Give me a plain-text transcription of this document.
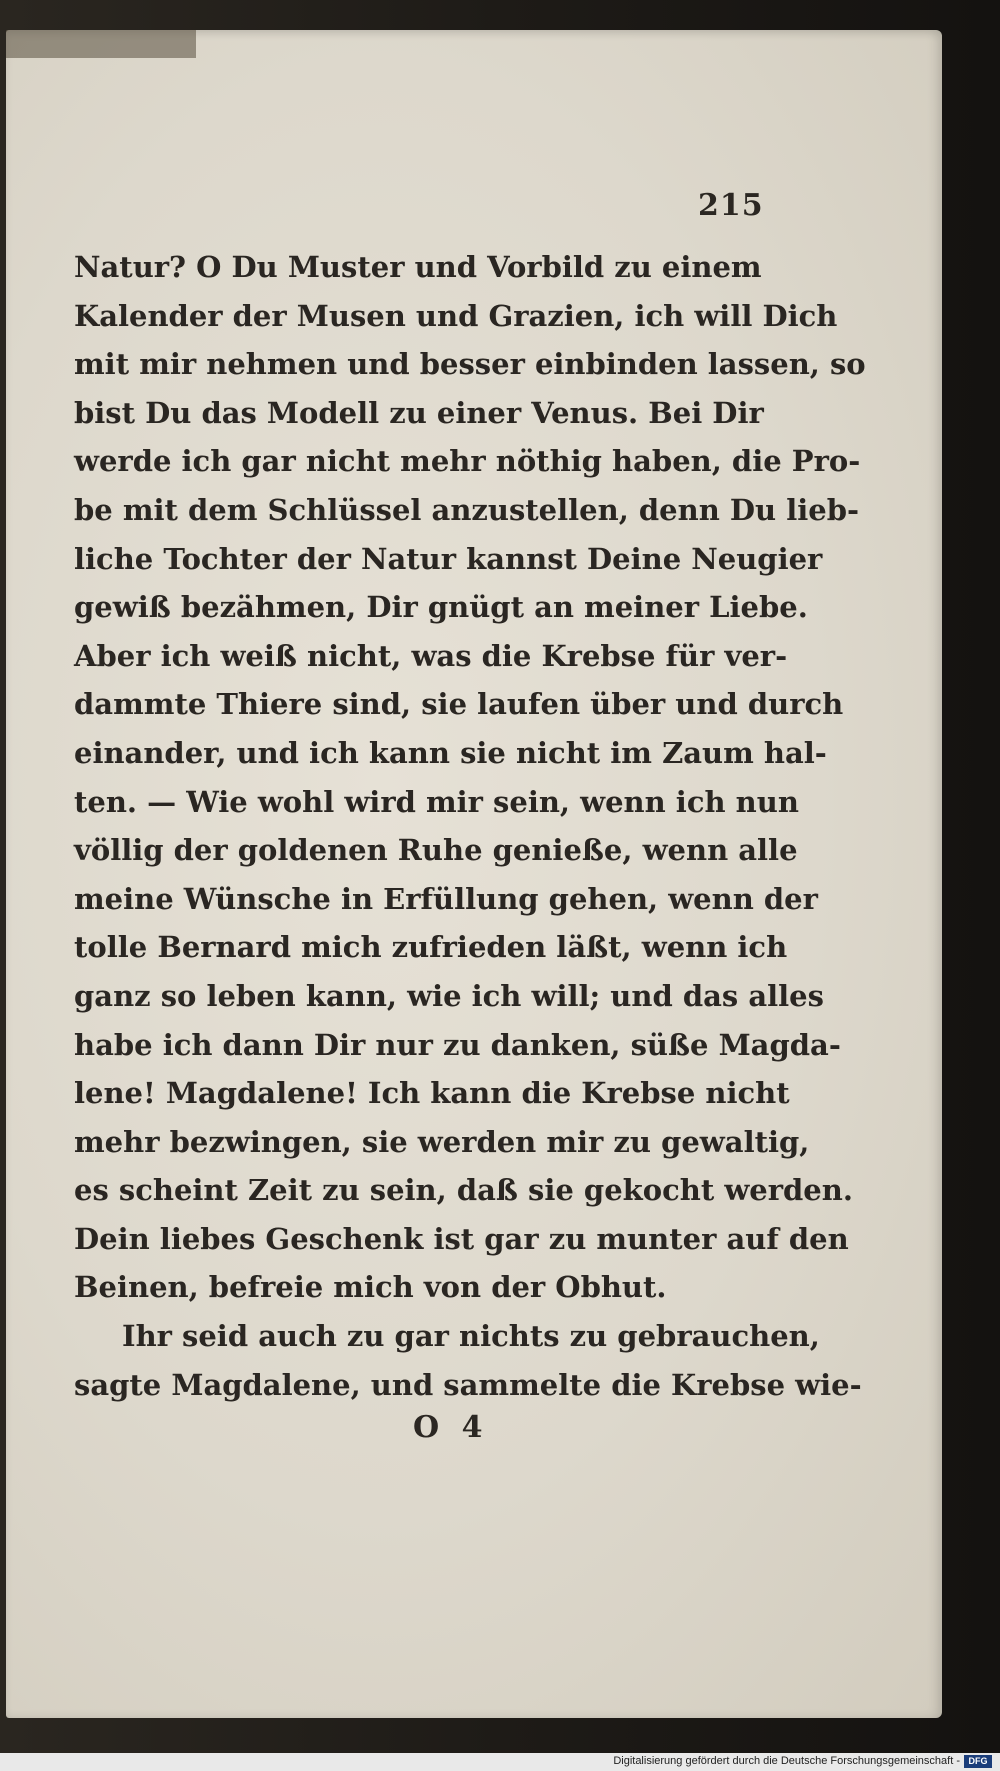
215
Natur? O Du Muster und Vorbild zu einem
Kalender der Musen und Grazien, ich will Dich
mit mir nehmen und besser einbinden lassen, so
bist Du das Modell zu einer Venus. Bei Dir
werde ich gar nicht mehr nöthig haben, die Pro-
be mit dem Schlüssel anzustellen, denn Du lieb-
liche Tochter der Natur kannst Deine Neugier
gewiß bezähmen, Dir gnügt an meiner Liebe.
Aber ich weiß nicht, was die Krebse für ver-
dammte Thiere sind, sie laufen über und durch
einander, und ich kann sie nicht im Zaum hal-
ten. — Wie wohl wird mir sein, wenn ich nun
völlig der goldenen Ruhe genieße, wenn alle
meine Wünsche in Erfüllung gehen, wenn der
tolle Bernard mich zufrieden läßt, wenn ich
ganz so leben kann, wie ich will; und das alles
habe ich dann Dir nur zu danken, süße Magda-
lene! Magdalene! Ich kann die Krebse nicht
mehr bezwingen, sie werden mir zu gewaltig,
es scheint Zeit zu sein, daß sie gekocht werden.
Dein liebes Geschenk ist gar zu munter auf den
Beinen, befreie mich von der Obhut.
Ihr seid auch zu gar nichts zu gebrauchen,
sagte Magdalene, und sammelte die Krebse wie-
O 4
Digitalisierung gefördert durch die Deutsche Forschungsgemeinschaft - DFG
